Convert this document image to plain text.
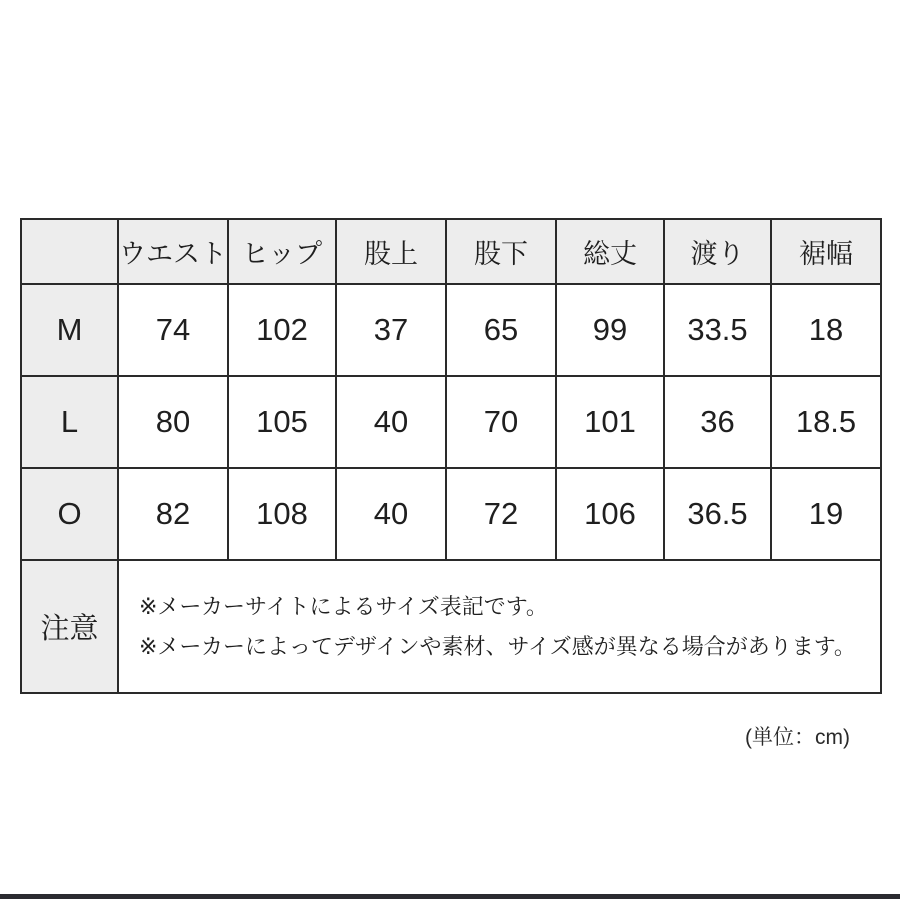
	ウエスト	ヒップ	股上	股下	総丈	渡り	裾幅
M	74	102	37	65	99	33.5	18
L	80	105	40	70	101	36	18.5
O	82	108	40	72	106	36.5	19
注意	※メーカーサイトによるサイズ表記です。
※メーカーによってデザインや素材、サイズ感が異なる場合があります。						
(単位：cm)
